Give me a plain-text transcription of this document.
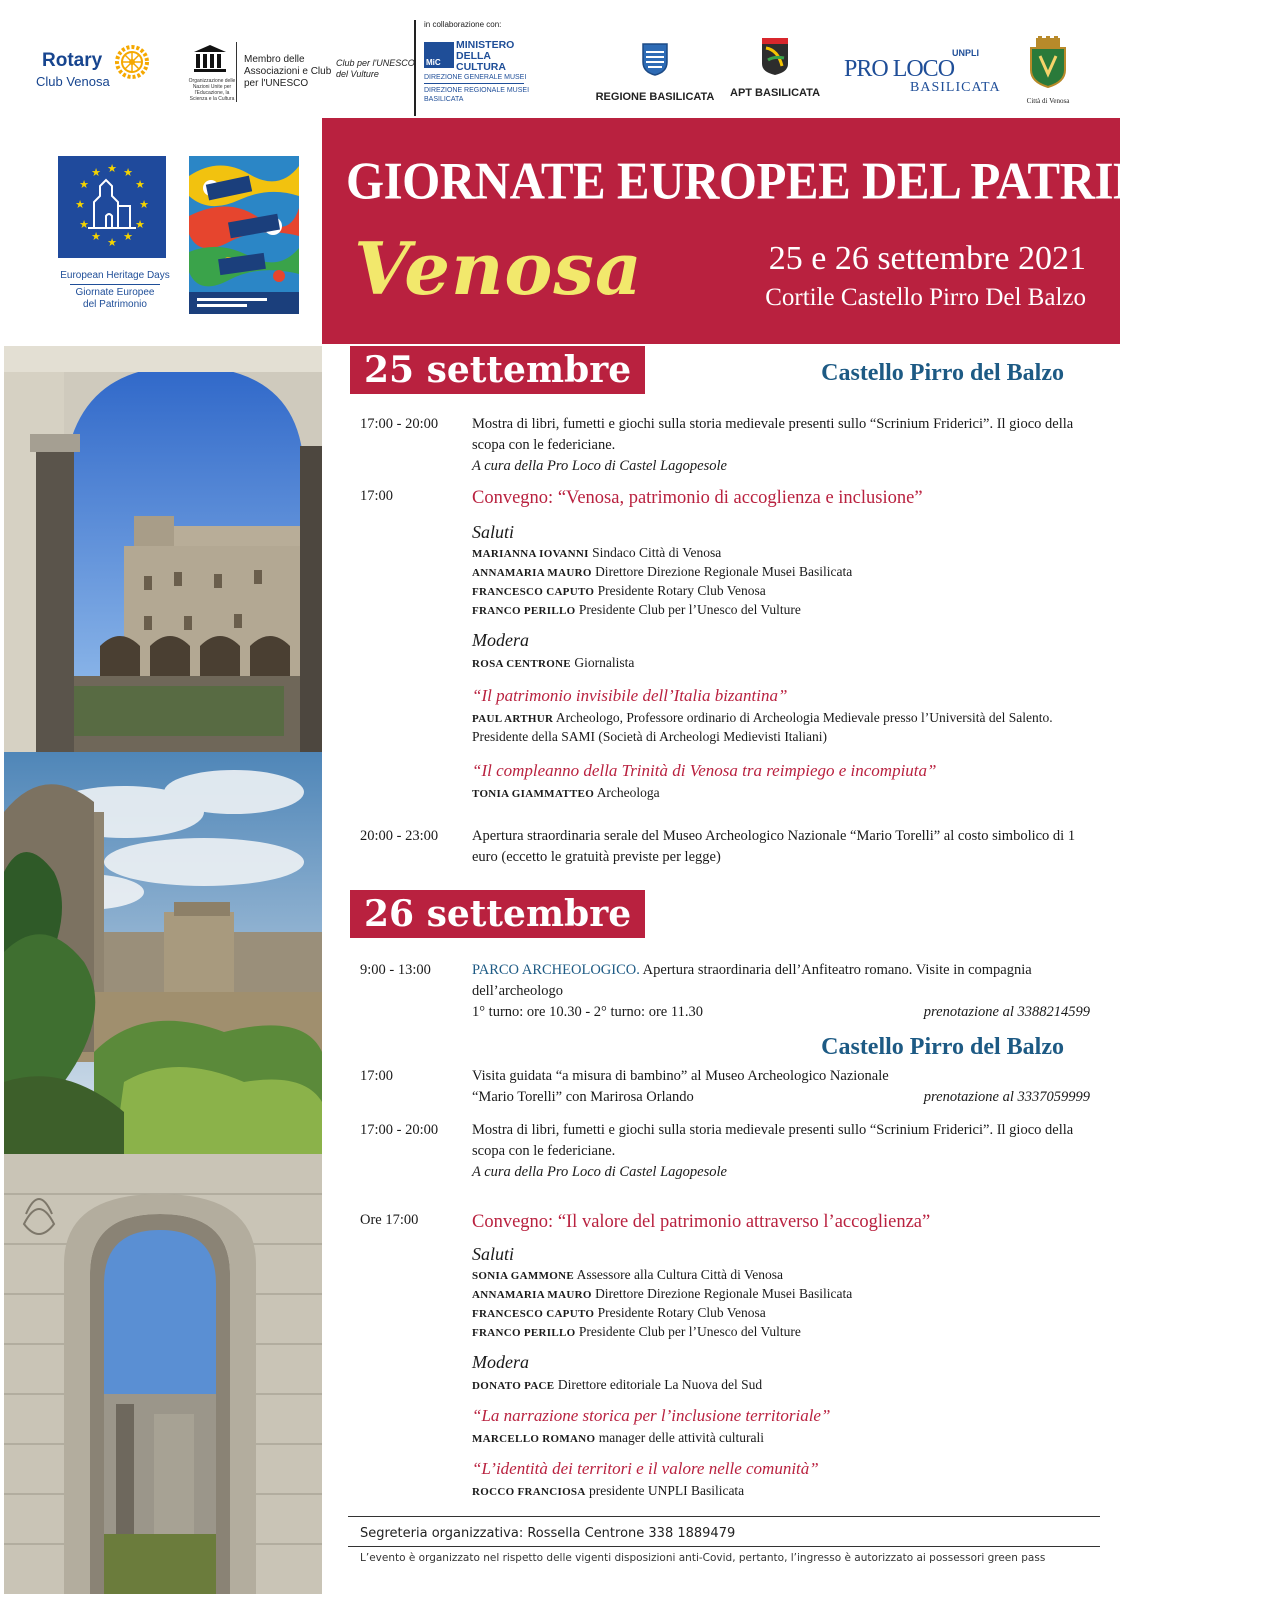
Rotary
Club Venosa	Organizzazione delle Nazioni Unite per l'Educazione, la Scienza e la Cultura
Membro delle Associazioni e Club per l'UNESCO
Club per l'UNESCO del Vulture
in collaborazione con:
MiC
MINISTERO DELLA CULTURA
DIREZIONE GENERALE MUSEI
DIREZIONE REGIONALE MUSEI BASILICATA	REGIONE BASILICATA	APT BASILICATA
PRO LOCO
UNPLI
BASILICATA
Città di Venosa
★ ★
★
★
★
★
★
★
★
★
★
★
European Heritage Days
Giornate Europee
del Patrimonio
GIORNATE EUROPEE DEL PATRIMONIO
Venosa	25 e 26 settembre 2021
Cortile Castello Pirro Del Balzo
25 settembre	Castello Pirro del Balzo
17:00 - 20:00	Mostra di libri, fumetti e giochi sulla storia medievale presenti sullo “Scrinium Friderici”. Il gioco della scopa con le federiciane.
A cura della Pro Loco di Castel Lagopesole
17:00	Convegno: “Venosa, patrimonio di accoglienza e inclusione”
Saluti
MARIANNA IOVANNI Sindaco Città di Venosa
ANNAMARIA MAURO Direttore Direzione Regionale Musei Basilicata
FRANCESCO CAPUTO Presidente Rotary Club Venosa
FRANCO PERILLO Presidente Club per l’Unesco del Vulture
Modera
ROSA CENTRONE Giornalista
“Il patrimonio invisibile dell’Italia bizantina”
PAUL ARTHUR Archeologo, Professore ordinario di Archeologia Medievale presso l’Università del Salento. Presidente della SAMI (Società di Archeologi Medievisti Italiani)
“Il compleanno della Trinità di Venosa tra reimpiego e incompiuta”
TONIA GIAMMATTEO Archeologa
20:00 - 23:00	Apertura straordinaria serale del Museo Archeologico Nazionale “Mario Torelli” al costo simbolico di 1 euro (eccetto le gratuità previste per legge)
26 settembre
9:00 - 13:00	PARCO ARCHEOLOGICO. Apertura straordinaria dell’Anfiteatro romano. Visite in compagnia dell’archeologo
1° turno: ore 10.30 - 2° turno: ore 11.30	prenotazione al 3388214599
Castello Pirro del Balzo
17:00	Visita guidata “a misura di bambino” al Museo Archeologico Nazionale “Mario Torelli” con Marirosa Orlando	prenotazione al 3337059999
17:00 - 20:00	Mostra di libri, fumetti e giochi sulla storia medievale presenti sullo “Scrinium Friderici”. Il gioco della scopa con le federiciane.
A cura della Pro Loco di Castel Lagopesole
Ore 17:00	Convegno: “Il valore del patrimonio attraverso l’accoglienza”
Saluti
SONIA GAMMONE Assessore alla Cultura Città di Venosa
ANNAMARIA MAURO Direttore Direzione Regionale Musei Basilicata
FRANCESCO CAPUTO Presidente Rotary Club Venosa
FRANCO PERILLO Presidente Club per l’Unesco del Vulture
Modera
DONATO PACE Direttore editoriale La Nuova del Sud
“La narrazione storica per l’inclusione territoriale”
MARCELLO ROMANO manager delle attività culturali
“L’identità dei territori e il valore nelle comunità”
ROCCO FRANCIOSA presidente UNPLI Basilicata
Segreteria organizzativa: Rossella Centrone 338 1889479
L’evento è organizzato nel rispetto delle vigenti disposizioni anti-Covid, pertanto, l’ingresso è autorizzato ai possessori green pass
